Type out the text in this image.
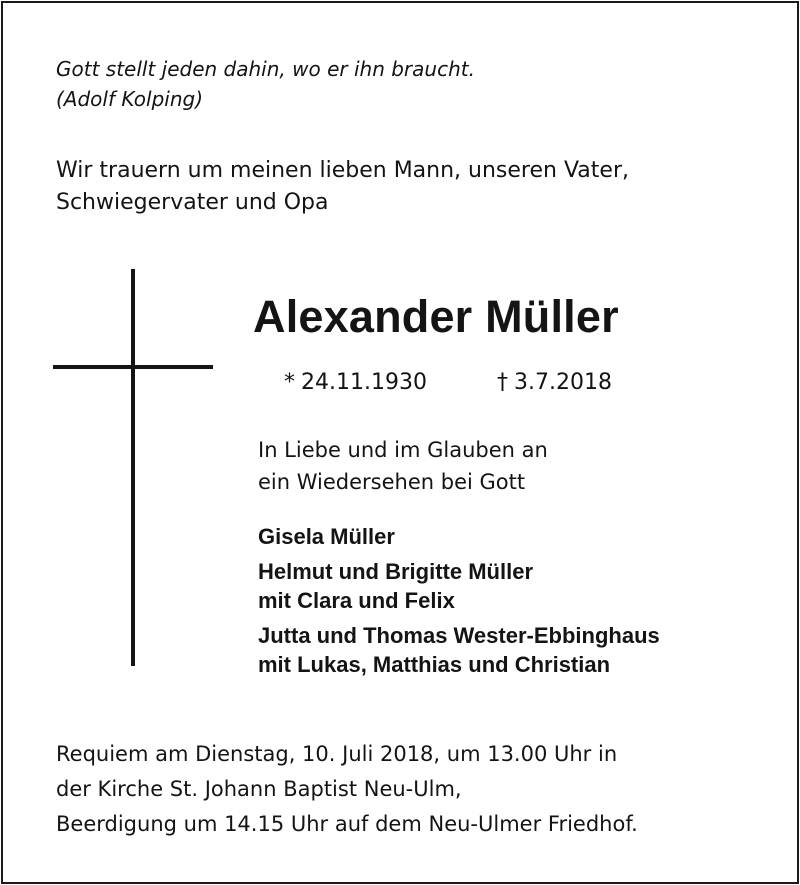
Gott stellt jeden dahin, wo er ihn braucht.
(Adolf Kolping)
Wir trauern um meinen lieben Mann, unseren Vater,
Schwiegervater und Opa
Alexander Müller
* 24.11.1930	† 3.7.2018
In Liebe und im Glauben an
ein Wiedersehen bei Gott
Gisela Müller
Helmut und Brigitte Müller
mit Clara und Felix
Jutta und Thomas Wester-Ebbinghaus
mit Lukas, Matthias und Christian
Requiem am Dienstag, 10. Juli 2018, um 13.00 Uhr in
der Kirche St. Johann Baptist Neu-Ulm,
Beerdigung um 14.15 Uhr auf dem Neu-Ulmer Friedhof.
